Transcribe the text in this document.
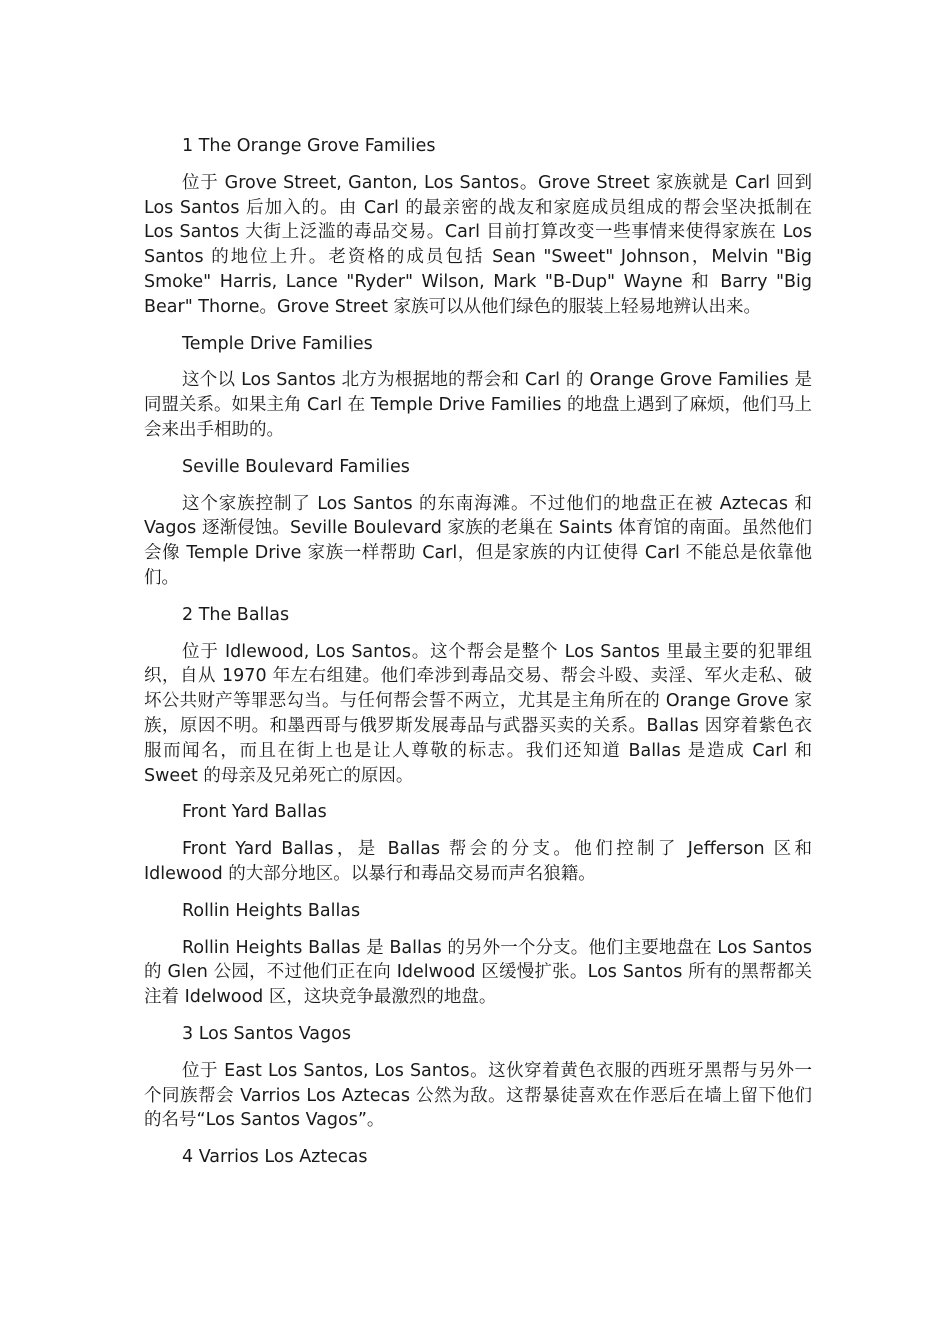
1 The Orange Grove Families

位于 Grove Street, Ganton, Los Santos。Grove Street 家族就是 Carl 回到 Los Santos 后加入的。由 Carl 的最亲密的战友和家庭成员组成的帮会坚决抵制在 Los Santos 大街上泛滥的毒品交易。Carl 目前打算改变一些事情来使得家族在 Los Santos 的地位上升。老资格的成员包括 Sean "Sweet" Johnson，Melvin "Big Smoke" Harris, Lance "Ryder" Wilson, Mark "B-Dup" Wayne 和 Barry "Big Bear" Thorne。Grove Street 家族可以从他们绿色的服装上轻易地辨认出来。

Temple Drive Families

这个以 Los Santos 北方为根据地的帮会和 Carl 的 Orange Grove Families 是同盟关系。如果主角 Carl 在 Temple Drive Families 的地盘上遇到了麻烦，他们马上会来出手相助的。

Seville Boulevard Families

这个家族控制了 Los Santos 的东南海滩。不过他们的地盘正在被 Aztecas 和 Vagos 逐渐侵蚀。Seville Boulevard 家族的老巢在 Saints 体育馆的南面。虽然他们会像 Temple Drive 家族一样帮助 Carl，但是家族的内讧使得 Carl 不能总是依靠他们。

2 The Ballas

位于 Idlewood, Los Santos。这个帮会是整个 Los Santos 里最主要的犯罪组织，自从 1970 年左右组建。他们牵涉到毒品交易、帮会斗殴、卖淫、军火走私、破坏公共财产等罪恶勾当。与任何帮会誓不两立，尤其是主角所在的 Orange Grove 家族，原因不明。和墨西哥与俄罗斯发展毒品与武器买卖的关系。Ballas 因穿着紫色衣服而闻名，而且在街上也是让人尊敬的标志。我们还知道 Ballas 是造成 Carl 和 Sweet 的母亲及兄弟死亡的原因。

Front Yard Ballas

Front Yard Ballas，是 Ballas 帮会的分支。他们控制了 Jefferson 区和 Idlewood 的大部分地区。以暴行和毒品交易而声名狼籍。

Rollin Heights Ballas

Rollin Heights Ballas 是 Ballas 的另外一个分支。他们主要地盘在 Los Santos 的 Glen 公园，不过他们正在向 Idelwood 区缓慢扩张。Los Santos 所有的黑帮都关注着 Idelwood 区，这块竞争最激烈的地盘。

3 Los Santos Vagos

位于 East Los Santos, Los Santos。这伙穿着黄色衣服的西班牙黑帮与另外一个同族帮会 Varrios Los Aztecas 公然为敌。这帮暴徒喜欢在作恶后在墙上留下他们的名号“Los Santos Vagos”。

4 Varrios Los Aztecas
